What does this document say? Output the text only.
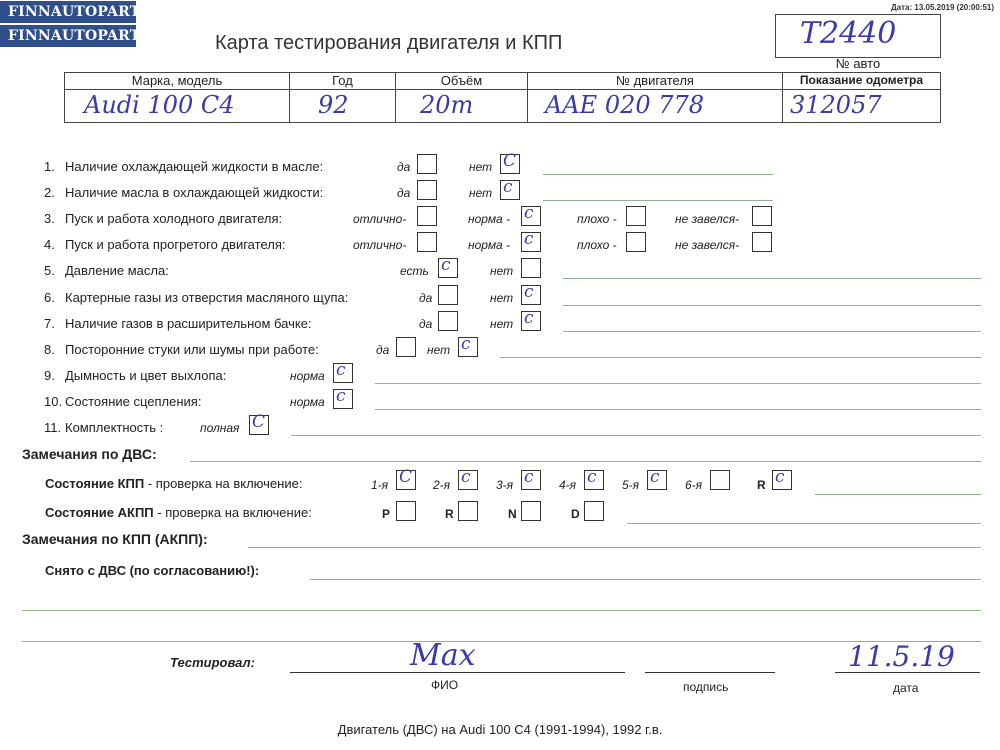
FINNAUTOPARTS
FINNAUTOPARTS
Дата: 13.05.2019 (20:00:51)
Карта тестирования двигателя и КПП	T2440
№ авто
Марка, модель	Год	Объём	№ двигателя	Показание одометра
Audi 100 C4	92	20m	AAE 020 778	312057
1. Наличие охлаждающей жидкости в масле:	да	нет С
2. Наличие масла в охлаждающей жидкости:	да	нет с
3. Пуск и работа холодного двигателя:	отлично-	норма - с	плохо -	не завелся-
4. Пуск и работа прогретого двигателя:	отлично-	норма - с	плохо -	не завелся-
5. Давление масла:	есть с	нет
6. Картерные газы из отверстия масляного щупа:	да	нет с
7. Наличие газов в расширительном бачке:	да	нет с
8. Посторонние стуки или шумы при работе:	да	нет с
9. Дымность и цвет выхлопа:	норма с
10. Состояние сцепления:	норма с
11. Комплектность :	полная С
Замечания по ДВС:
Состояние КПП - проверка на включение:	1-я С 2-я с 3-я с 4-я с 5-я с 6-я	R с
Состояние АКПП - проверка на включение:	P	R	N	D
Замечания по КПП (АКПП):
Снято с ДВС (по согласованию!):
Тестировал:	Мах	11.5.19
ФИО	подпись	дата
Двигатель (ДВС) на Audi 100 C4 (1991-1994), 1992 г.в.
